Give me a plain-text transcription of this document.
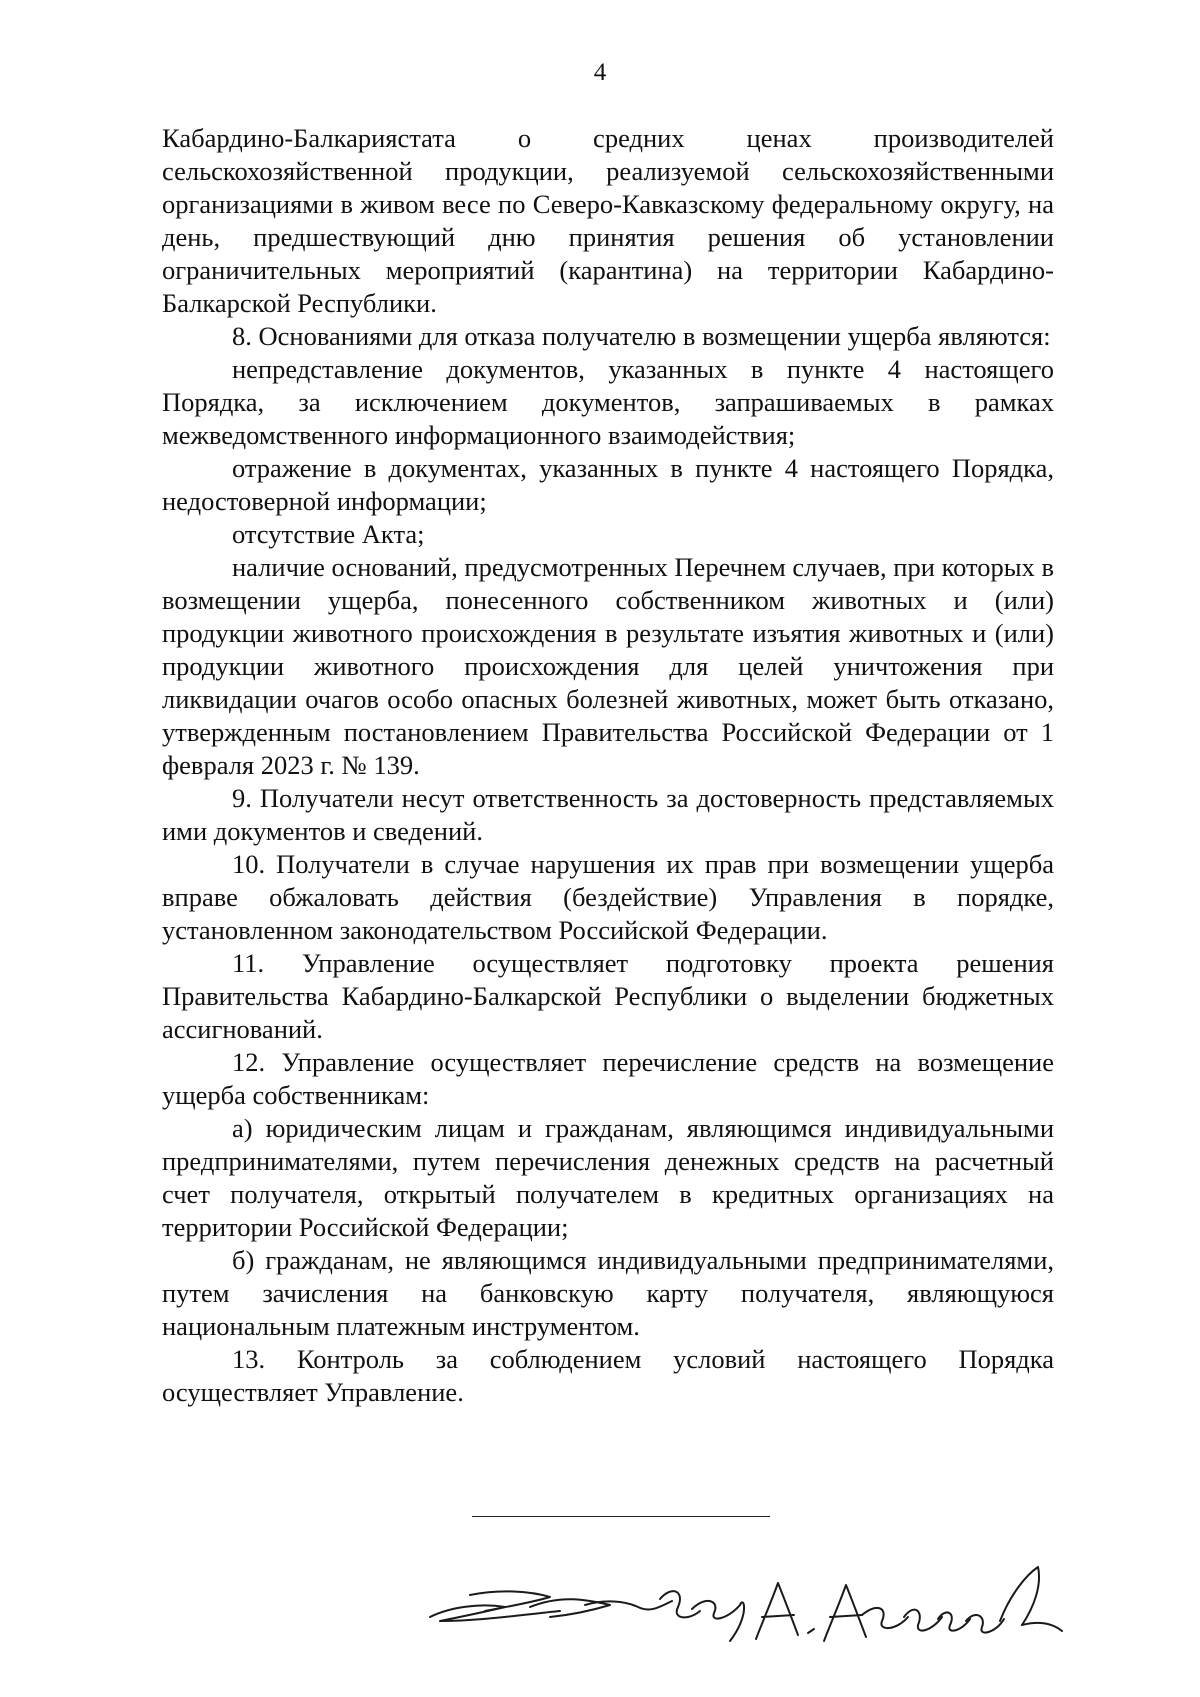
4

Кабардино-Балкариястата о средних ценах производителей сельскохозяйственной продукции, реализуемой сельскохозяйственными организациями в живом весе по Северо-Кавказскому федеральному округу, на день, предшествующий дню принятия решения об установлении ограничительных мероприятий (карантина) на территории Кабардино-Балкарской Республики.

8. Основаниями для отказа получателю в возмещении ущерба являются:

непредставление документов, указанных в пункте 4 настоящего Порядка, за исключением документов, запрашиваемых в рамках межведомственного информационного взаимодействия;

отражение в документах, указанных в пункте 4 настоящего Порядка, недостоверной информации;

отсутствие Акта;

наличие оснований, предусмотренных Перечнем случаев, при которых в возмещении ущерба, понесенного собственником животных и (или) продукции животного происхождения в результате изъятия животных и (или) продукции животного происхождения для целей уничтожения при ликвидации очагов особо опасных болезней животных, может быть отказано, утвержденным постановлением Правительства Российской Федерации от 1 февраля 2023 г. № 139.

9. Получатели несут ответственность за достоверность представляемых ими документов и сведений.

10. Получатели в случае нарушения их прав при возмещении ущерба вправе обжаловать действия (бездействие) Управления в порядке, установленном законодательством Российской Федерации.

11. Управление осуществляет подготовку проекта решения Правительства Кабардино-Балкарской Республики о выделении бюджетных ассигнований.

12. Управление осуществляет перечисление средств на возмещение ущерба собственникам:

а) юридическим лицам и гражданам, являющимся индивидуальными предпринимателями, путем перечисления денежных средств на расчетный счет получателя, открытый получателем в кредитных организациях на территории Российской Федерации;

б) гражданам, не являющимся индивидуальными предпринимателями, путем зачисления на банковскую карту получателя, являющуюся национальным платежным инструментом.

13. Контроль за соблюдением условий настоящего Порядка осуществляет Управление.
